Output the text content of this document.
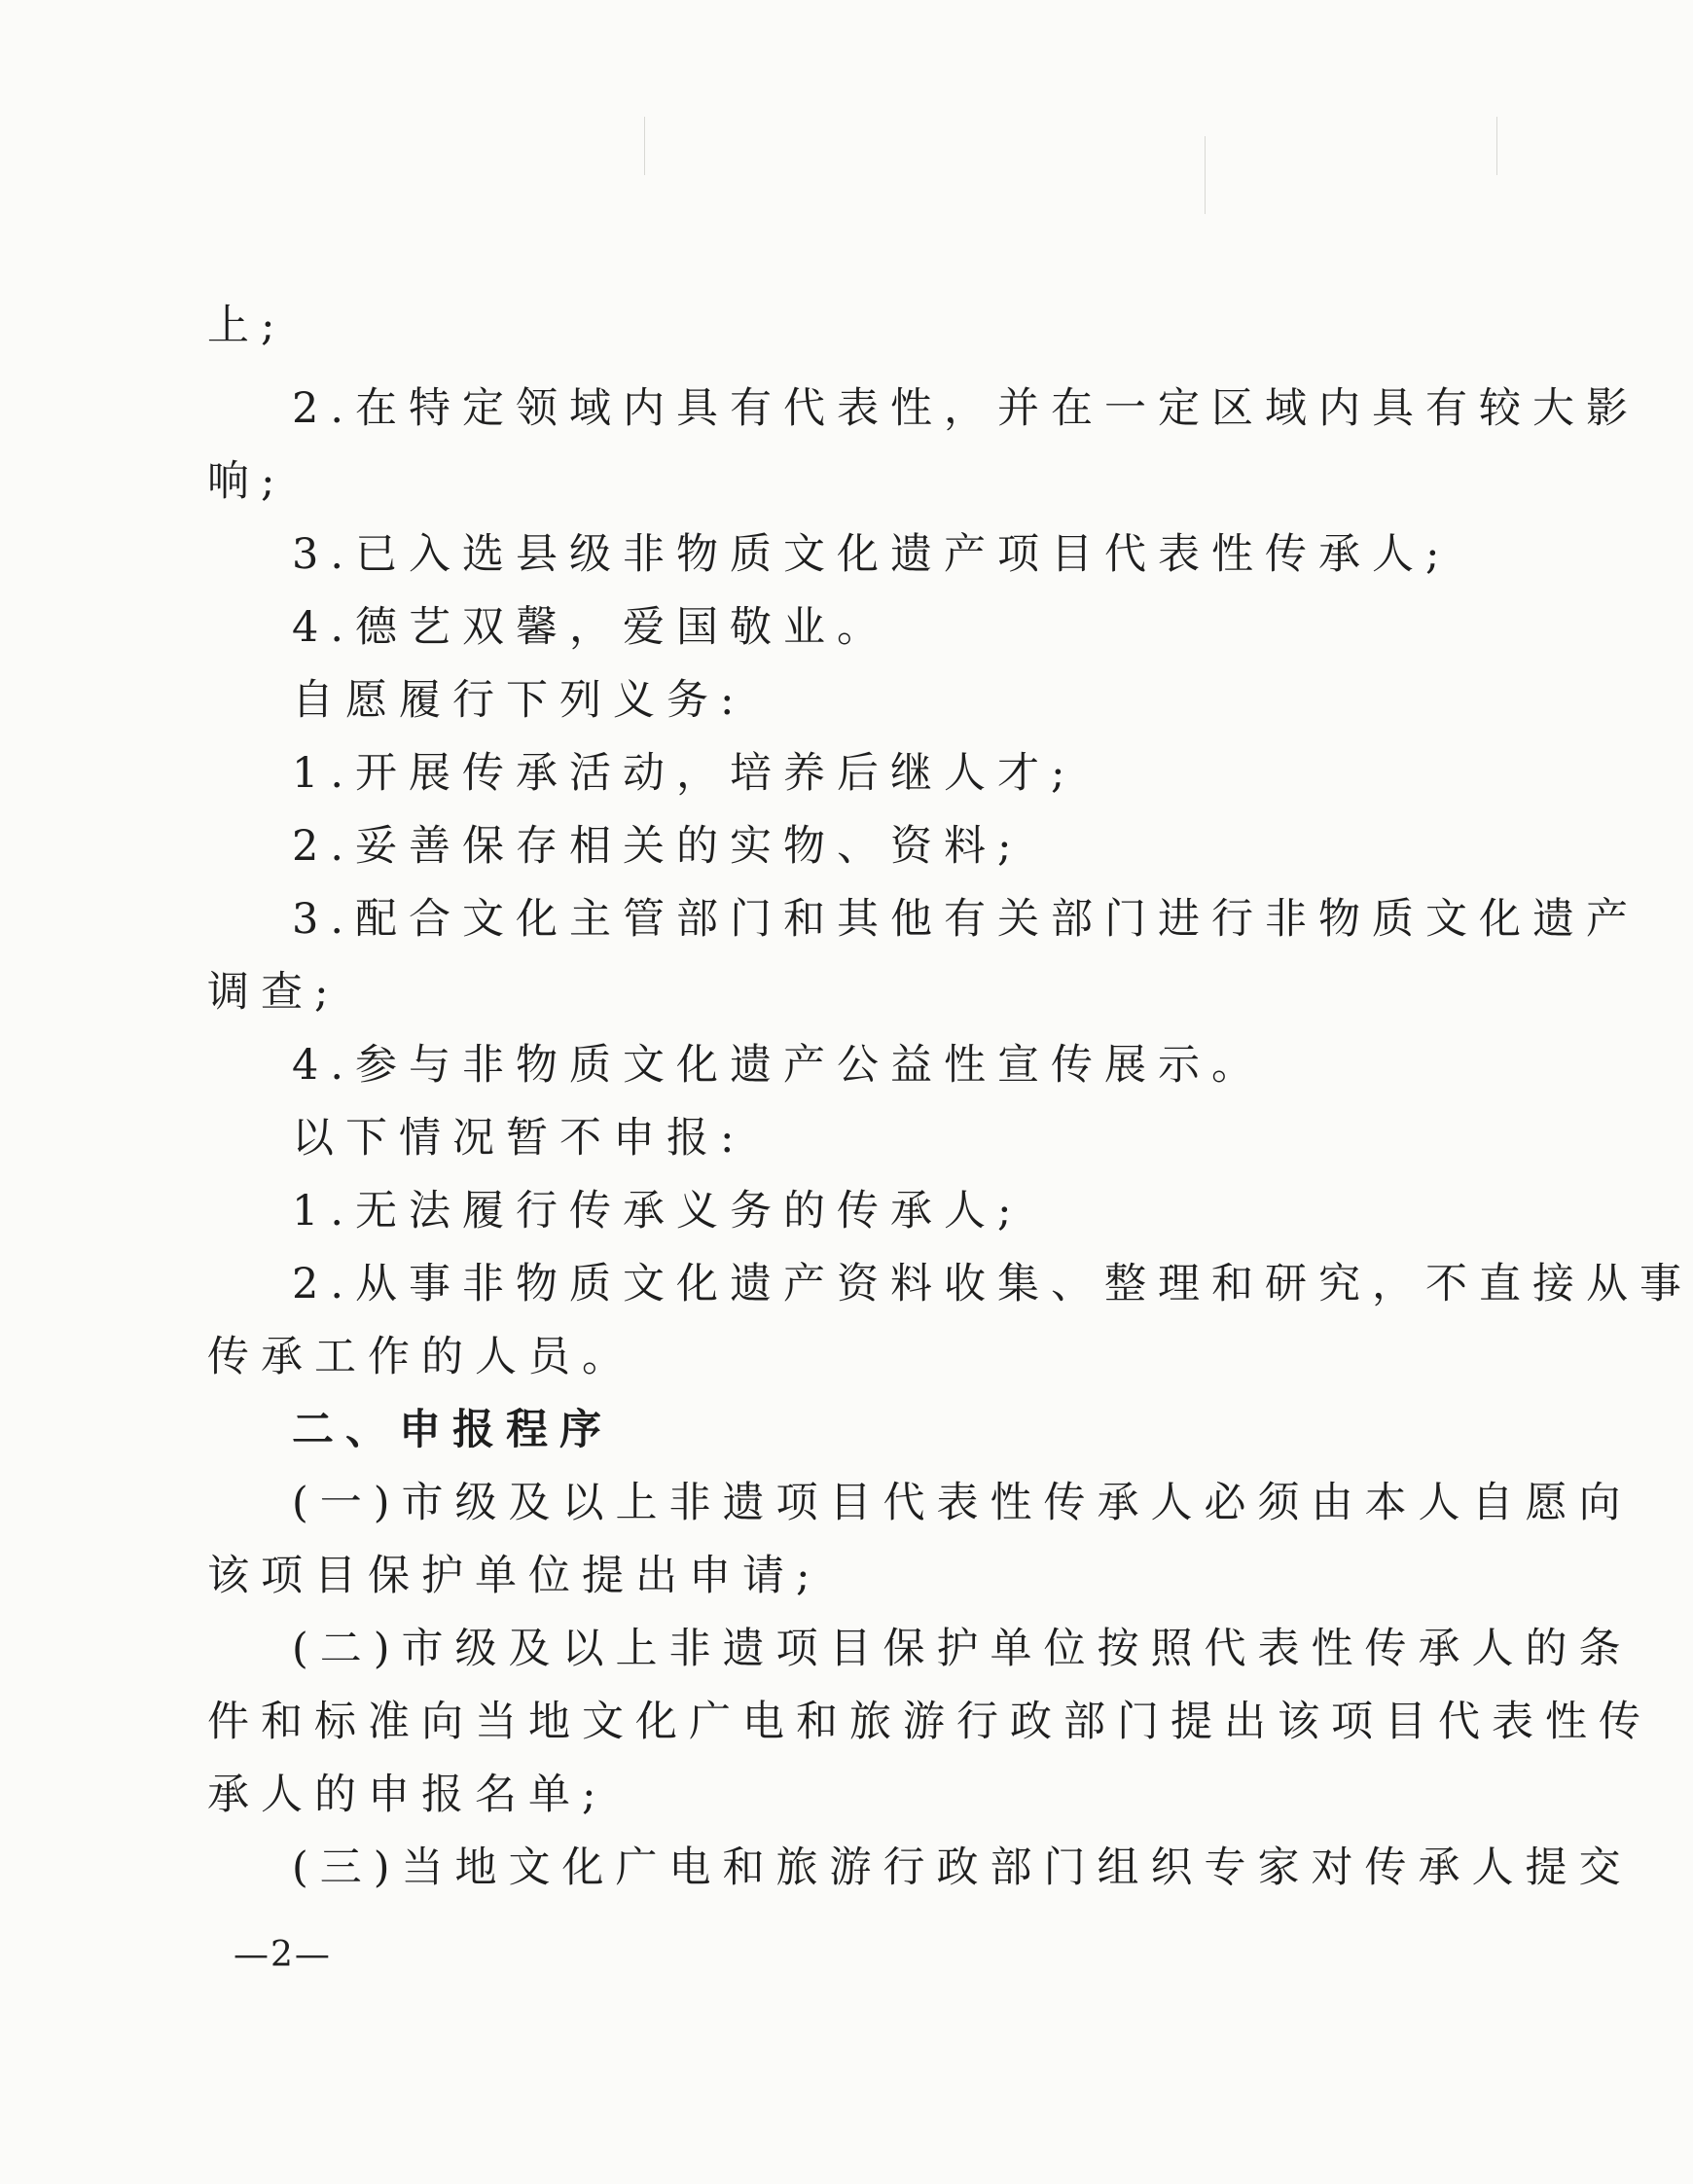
上;
2.在特定领域内具有代表性，并在一定区域内具有较大影
响;
3.已入选县级非物质文化遗产项目代表性传承人;
4.德艺双馨，爱国敬业。
自愿履行下列义务:
1.开展传承活动，培养后继人才;
2.妥善保存相关的实物、资料;
3.配合文化主管部门和其他有关部门进行非物质文化遗产
调查;
4.参与非物质文化遗产公益性宣传展示。
以下情况暂不申报:
1.无法履行传承义务的传承人;
2.从事非物质文化遗产资料收集、整理和研究，不直接从事
传承工作的人员。
二、申报程序
(一)市级及以上非遗项目代表性传承人必须由本人自愿向
该项目保护单位提出申请;
(二)市级及以上非遗项目保护单位按照代表性传承人的条
件和标准向当地文化广电和旅游行政部门提出该项目代表性传
承人的申报名单;
(三)当地文化广电和旅游行政部门组织专家对传承人提交
—2—
